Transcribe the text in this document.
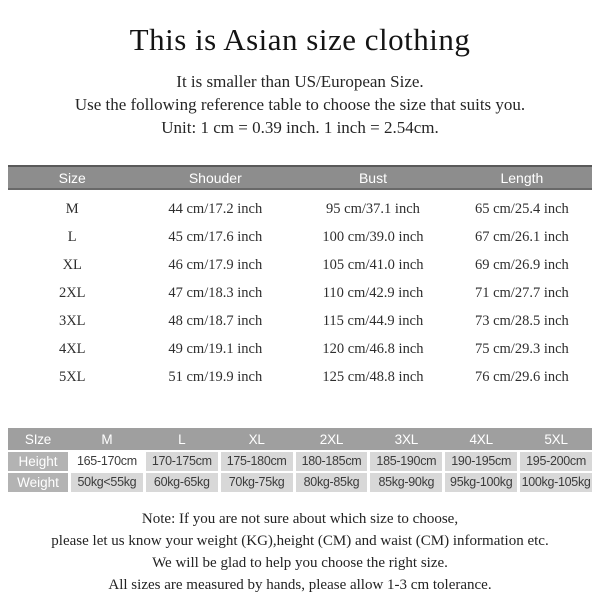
This is Asian size clothing
It is smaller than US/European Size.
Use the following reference table to choose the size that suits you.
Unit: 1 cm = 0.39 inch. 1 inch = 2.54cm.
Size	Shouder	Bust	Length
M	44 cm/17.2 inch	95 cm/37.1 inch	65 cm/25.4 inch
L	45 cm/17.6 inch	100 cm/39.0 inch	67 cm/26.1 inch
XL	46 cm/17.9 inch	105 cm/41.0 inch	69 cm/26.9 inch
2XL	47 cm/18.3 inch	110 cm/42.9 inch	71 cm/27.7 inch
3XL	48 cm/18.7 inch	115 cm/44.9 inch	73 cm/28.5 inch
4XL	49 cm/19.1 inch	120 cm/46.8 inch	75 cm/29.3 inch
5XL	51 cm/19.9 inch	125 cm/48.8 inch	76 cm/29.6 inch
SIze	M	L	XL	2XL	3XL	4XL	5XL
Height	165-170cm	170-175cm	175-180cm	180-185cm	185-190cm	190-195cm	195-200cm
Weight	50kg<55kg	60kg-65kg	70kg-75kg	80kg-85kg	85kg-90kg	95kg-100kg 100kg-105kg
Note: If you are not sure about which size to choose,
please let us know your weight (KG),height (CM) and waist (CM) information etc.
We will be glad to help you choose the right size.
All sizes are measured by hands, please allow 1-3 cm tolerance.
